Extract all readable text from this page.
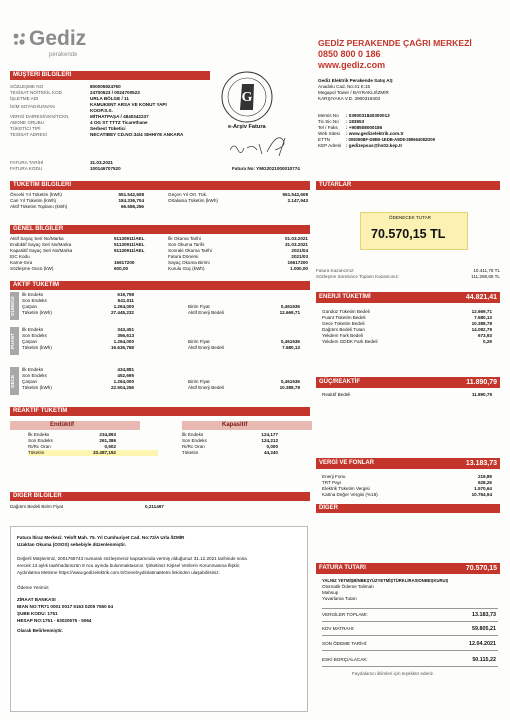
Gediz
perakende
GEDİZ PERAKENDE ÇAĞRI MERKEZİ
0850 800 0 186
www.gediz.com
MÜŞTERİ BİLGİLERİ
SÖZLEŞME NO	800005924760
TESİSAT NO/TEKİL KOD	24700523 / 0024700523
İŞLETME ADI	URLA BÖLGE / 11
İSİM SOYADI/UNVAN	KAMUKENT ARSA VE KONUT YAPI
KOOP.S.S.
VERGİ DAİRESİ/VKN/TCKN	MİTHATPAŞA / 4840342237
ABONE GRUBU	4 OG ST TTTZ Ticarethane
TÜKETİCİ TİPİ	Serbest Tüketici
TESİSAT ADRESİ	NECATIBEY CD.NO:34/4 SIHHIYE ANKARA
FATURA TARİHİ	31.03.2021
FATURA KODU	100146707520
G
e-Arşiv Fatura
Fatura No: YMG2021000010774
Gediz Elektrik Perakende Satış AŞ
Anadolu Cad. No:41 K:15
Megapol Tower / BAYRAKLI/İZMİR
KARŞIYAKA V.D. 3900318403
Mersis No	: 0390031840300013
Tic.Sic.No	: 183553
Tel / Faks	: +908508000186
Web Sitesi	: www.gedizelektrik.com.tr
ETTN	: 005050BF-D8B0-1EDB-A5D8-389664082D09
KEP Adresi	: gedizepsas@hs02.kep.tr
TÜKETİM BİLGİLERİ
Önceki Yıl Tüketim (kWh)	551.542,608
Cari Yıl Tüketim (kWh)	184.336,704
Aktif Tüketim Toplamı (kWh)	66.586,256
Geçen Yıl Ort. Tük.	551.542,608
Ortalama Tüketim (kWh)	2.147,943
GENEL BİLGİLER
Aktif Sayaç Seri No/Marka	51130911/AEL
Endüktif Sayaç Seri No/Marka	51130911/AEL
Kapasitif Sayaç Seri No/Marka	51130911/AEL
EIC Kodu
Karne-Sıra	16617200
Sözleşme Gücü (kW)	600,00
İlk Okuma Tarihi	01.03.2021
Son Okuma Tarihi	31.03.2021
Sonraki Okuma Tarihi	2021/04
Fatura Dönemi	2021/03
Sayaç Okuma Birimi	16617200
Kurulu Güç (kWh)	1.000,00
AKTİF TÜKETİM
GÜNDÜZ
İlk Endeks	619,798
Son Endeks	641,011
Çarpan	1.264,000	Birim Fiyat	0,461636
Tüketim (kWh)	27.445,232	Aktif Enerji Bedeli	12.669,71
PUANT
İlk Endeks	343,451
Son Endeks	356,613
Çarpan	1.264,000	Birim Fiyat	0,461636
Tüketim (kWh)	16.636,768	Aktif Enerji Bedeli	7.680,13
GECE
İlk Endeks	434,881
Son Endeks	452,695
Çarpan	1.264,000	Birim Fiyat	0,461636
Tüketim (kWh)	22.504,256	Aktif Enerji Bedeli	10.388,78
REAKTİF TÜKETİM
Endüktif	Kapasitif
İlk Endeks	234,893
Son Endeks	261,386
Ri/Rc Oran	0,502
Tüketim	33.487,152
İlk Endeks	124,177
Son Endeks	124,212
Ri/Rc Oran	0,000
Tüketim	44,240
DİĞER BİLGİLER
Dağıtım Bedeli Birim Fiyat	0,211497
TUTARLAR
ÖDENECEK TUTAR
70.570,15 TL
Fatura Kazancınız:	10.411,76 TL
Sözleşme Süresince Toplam Kazancınız:	111.288,65 TL
ENERJİ TÜKETİMİ	44.821,41
Gündüz Tüketim Bedeli	12.669,71
Puant Tüketim Bedeli	7.680,13
Gece Tüketim Bedeli	10.388,78
Dağıtım Bedeli Tutarı	14.082,79
Yekdem Fark Bedeli	673,93
Yekdem GDDK Fark Bedeli	0,29
GÜÇ/REAKTİF	11.890,79
Reaktif Bedeli	11.890,79
VERGİ VE FONLAR	13.183,73
Enerji Fonu	219,89
TRT Payı	628,26
Elektrik Tüketim Vergisi	1.570,64
Katma Değer Vergisi (%18)	10.764,94
DİĞER
Fatura İtiraz Merkezi: Yeloft Mah. 75. Yıl Cumhuriyet Cad. No:72/A Urla /İZMİR
Uzaktan Okuma (OSOS) sebebiyle düzenlenmiştir.
Değerli Müşterimiz, 2001768743 numaralı sözleşmeniz kapsamında vermiş olduğunuz 31.12.2021 tarihinde sona
erecek 13 aylık taahhüdünüzün 9 ncu ayında bulunmaktasınız. Şirketimiz Kişisel Verilerin Korunmasına İlişkin
Aydınlatma Metnine https://www.gedizelektrik.com.tr/GenelAydinlatmaMetni linkinden ulaşabilirsiniz.
Ödeme Yerimiz;
ZİRAAT BANKASI
IBAN NO:TR71 0001 0017 5163 0205 7550 64
ŞUBE KODU: 1751
HESAP NO:1751 - 63020575 - 5064
Olarak Belirlenmiştir.
FATURA TUTARI	70.570,15
YALNIZ YETMİŞBİNBEŞYÜZYETMİŞTÜRKLİRASIONBEŞKURUŞ
Otomatik Ödeme Talimatı
Mahsup
Yuvarlama Tutarı
VERGİLER TOPLAMI:	13.183,73
KDV MATRAHI:	59.805,21
SON ÖDEME TARİHİ:	12.04.2021
ESKİ BORÇ/ALACAK:	50.115,22
Faydalanıcı iklimleri için teşekkür ederiz.
